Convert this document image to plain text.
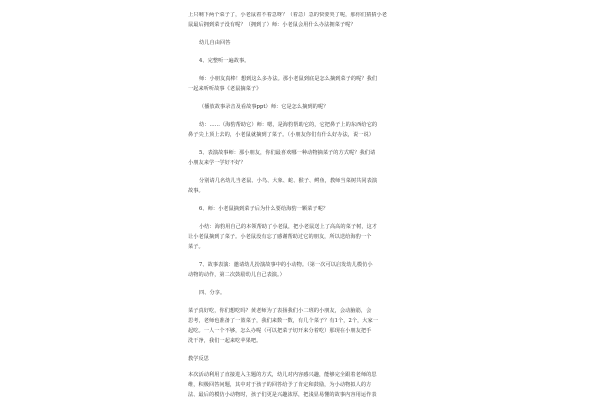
上只剩下两个菜子了，小老鼠着不着急呀？（着急）急的快要哭了呢，那你们猜猜小老
鼠最后拥到菜子没有呢？（拥到了）师：小老鼠会用什么办法拥菜子呢？
幼儿自由回答
4、完整听一遍故事。
师：小朋友真棒！想到这么多办法。那小老鼠到底是怎么摘到菜子的呢？我们
一起来听听故事《老鼠摘菜子》
（播放故事录音及看故事ppt）师：它是怎么摘到的呢？
幼：……（海豹帮助它）师：嗯，是海豹帮助它的，它把鼻子上的东西给它的
鼻子尖上顶上去的，小老鼠就摘到了菜子。（小朋友你们有什么好办法，说一说）
5、表演故事师：那小朋友，你们最喜欢哪一种动物摘菜子的方式呢？我们请
小朋友来学一学好不好？
分别请几名幼儿当老鼠、小鸟、大象、蛇、猴子、鳄鱼，教师当菜树共同表演
故事。
6、师：小老鼠摘到菜子后为什么要给海豹一颗菜子呢？
小结：海豹用自己的本领帮助了小老鼠，把小老鼠送上了高高的菜子树，这才
让小老鼠摘到了菜子。小老鼠没有忘了感谢帮助过它的朋友，所以送给海豹一个
菜子。
7、故事表演：邀请幼儿扮演故事中的小动物。（第一次可以启发幼儿模仿小
动物的动作，第二次鼓励幼儿自己表演。）
四、分享。
菜子真好吃，你们想吃吗？黄老师为了表扬我们小二班的小朋友，会动脑筋，会
思考，老师也准备了一篮菜子，我们来数一数，有几个菜子？有1个，2个，大家一
起吃。一人一个不够，怎么办呢（可以把菜子切开来分着吃）那现在小朋友把手
洗干净，我们一起来吃苹果吧。
教学反思
本次活动利用了直接进入主题的方式，幼儿对内容感兴趣，能够完全跟着老师的思
维，积极回答问题，其中对于孩子的回答给予了肯定和鼓励，为小动物拟人的方
法、最后的模仿小动物时，孩子们更是兴趣浓厚，把浅显易懂的故事内容用运作表
